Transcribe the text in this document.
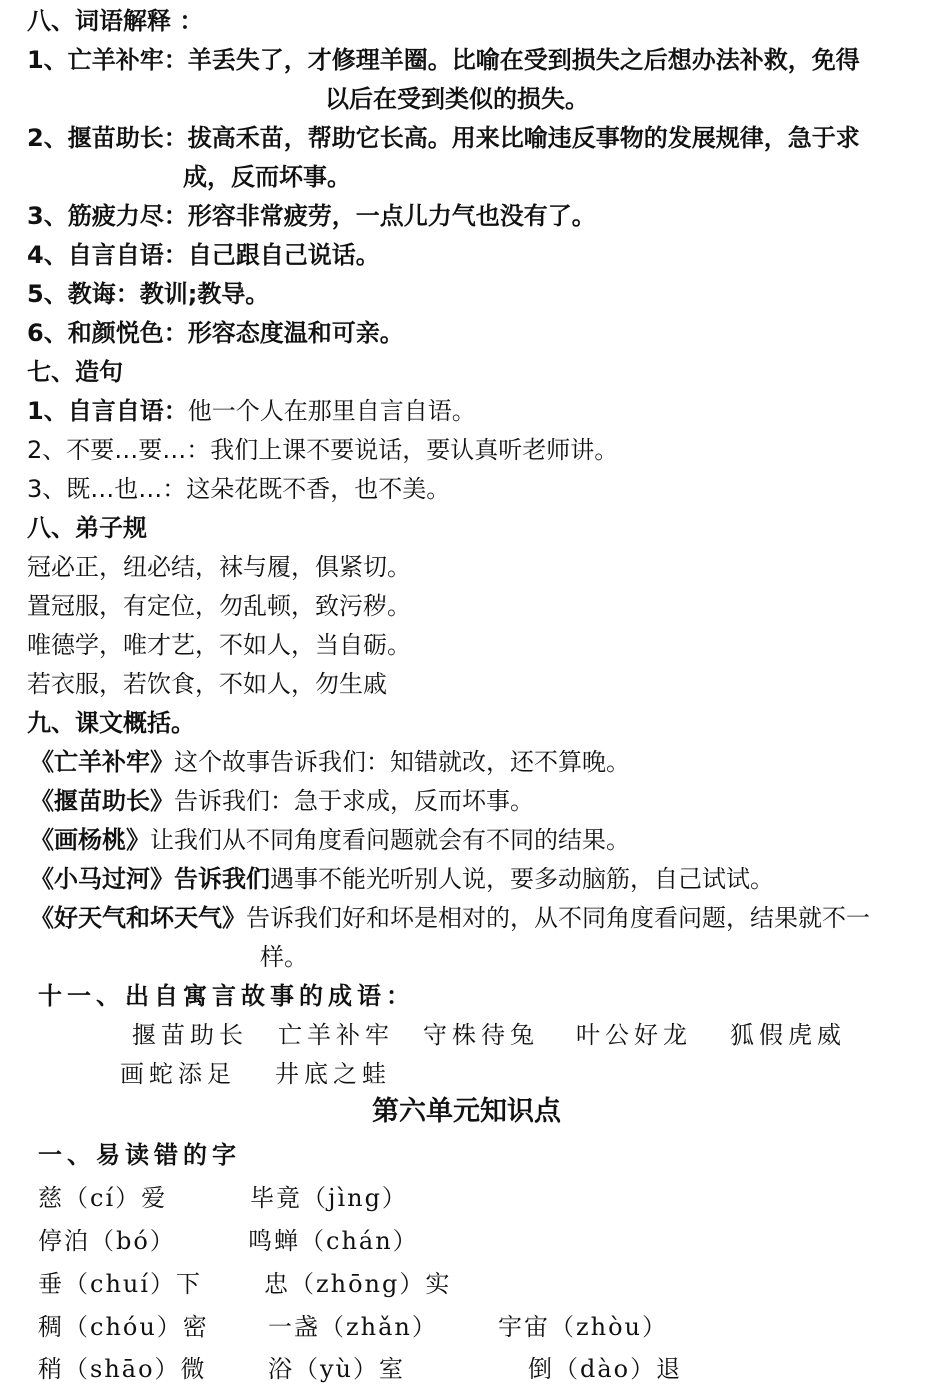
八、词语解释 ：
1、亡羊补牢：羊丢失了，才修理羊圈。比喻在受到损失之后想办法补救，免得
以后在受到类似的损失。
2、揠苗助长：拔高禾苗，帮助它长高。用来比喻违反事物的发展规律，急于求
成，反而坏事。
3、筋疲力尽：形容非常疲劳，一点儿力气也没有了。
4、自言自语：自己跟自己说话。
5、教诲：教训;教导。
6、和颜悦色：形容态度温和可亲。
七、造句
1、自言自语：他一个人在那里自言自语。
2、不要…要…：我们上课不要说话，要认真听老师讲。
3、既…也…：这朵花既不香，也不美。
八、弟子规
冠必正，纽必结，袜与履，俱紧切。
置冠服，有定位，勿乱顿，致污秽。
唯德学，唯才艺，不如人，当自砺。
若衣服，若饮食，不如人，勿生戚
九、课文概括。
《亡羊补牢》这个故事告诉我们：知错就改，还不算晚。
《揠苗助长》告诉我们：急于求成，反而坏事。
《画杨桃》让我们从不同角度看问题就会有不同的结果。
《小马过河》告诉我们遇事不能光听别人说，要多动脑筋，自己试试。
《好天气和坏天气》告诉我们好和坏是相对的，从不同角度看问题，结果就不一
样。
十一、出自寓言故事的成语：
揠苗助长 亡羊补牢 守株待兔 叶公好龙 狐假虎威
画蛇添足 井底之蛙
第六单元知识点
一、易读错的字
慈（cí）爱	毕竟（jìng）
停泊（bó）	鸣蝉（chán）
垂（chuí）下	忠（zhōng）实
稠（chóu）密 一盏（zhǎn）	宇宙（zhòu）
稍（shāo）微	浴（yù）室	倒（dào）退
